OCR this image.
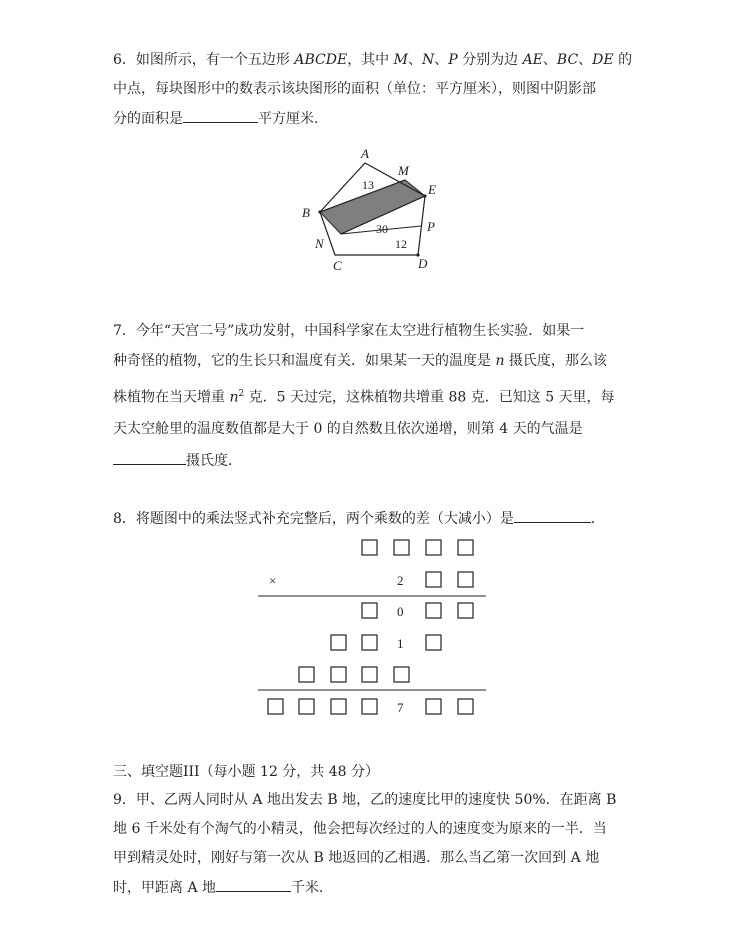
6．如图所示，有一个五边形 ABCDE，其中 M、N、P 分别为边 AE、BC、DE 的
中点，每块图形中的数表示该块图形的面积（单位：平方厘米），则图中阴影部
分的面积是	平方厘米．
A
M
E
B
P
N
C	D
13
30
12
7．今年“天宫二号”成功发射，中国科学家在太空进行植物生长实验．如果一
种奇怪的植物，它的生长只和温度有关．如果某一天的温度是 n 摄氏度，那么该
株植物在当天增重 $n^2$ 克．5 天过完，这株植物共增重 88 克．已知这 5 天里，每
天太空舱里的温度数值都是大于 0 的自然数且依次递增，则第 4 天的气温是
摄氏度．
8．将题图中的乘法竖式补充完整后，两个乘数的差（大减小）是	．
×	2
0
1
7
三、填空题III（每小题 12 分，共 48 分）
9．甲、乙两人同时从 A 地出发去 B 地，乙的速度比甲的速度快 50%．在距离 B
地 6 千米处有个淘气的小精灵，他会把每次经过的人的速度变为原来的一半．当
甲到精灵处时，刚好与第一次从 B 地返回的乙相遇．那么当乙第一次回到 A 地
时，甲距离 A 地	千米．
